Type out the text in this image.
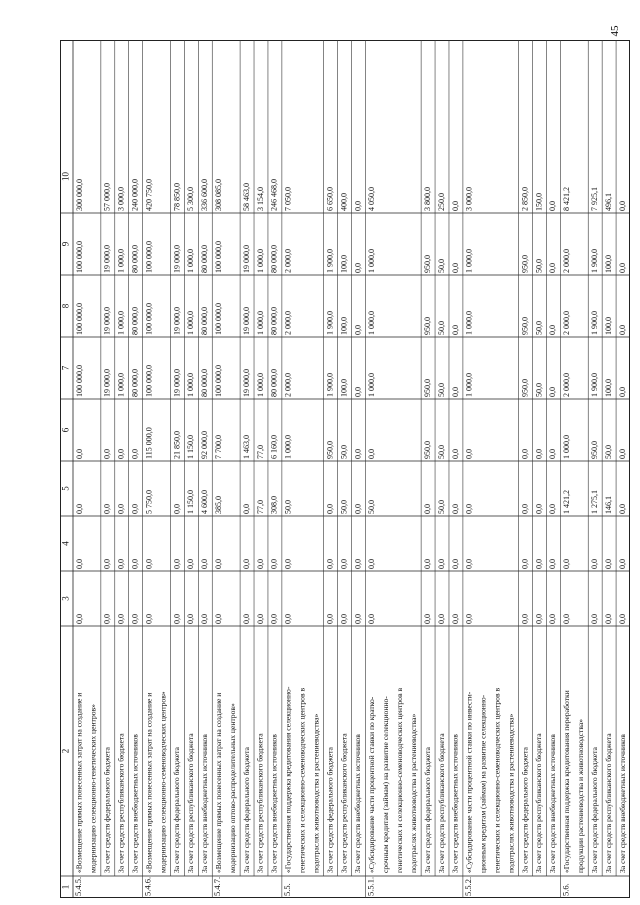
45
1
2
3
4
5
6
7
8
9
10
5.4.5.
«Возмещение прямых понесенных затрат на создание и модернизацию селекционно-генетических центров»
0,0
0,0
0,0
0,0
100 000,0
100 000,0
100 000,0
300 000,0
За счет средств федерального бюджета
0,0
0,0
0,0
0,0
19 000,0
19 000,0
19 000,0
57 000,0
За счет средств республиканского бюджета
0,0
0,0
0,0
0,0
1 000,0
1 000,0
1 000,0
3 000,0
За счет средств внебюджетных источников
0,0
0,0
0,0
0,0
80 000,0
80 000,0
80 000,0
240 000,0
5.4.6.
«Возмещение прямых понесенных затрат на создание и модернизацию селекционно-семеноводческих центров»
0,0
0,0
5 750,0
115 000,0
100 000,0
100 000,0
100 000,0
420 750,0
За счет средств федерального бюджета
0,0
0,0
0,0
21 850,0
19 000,0
19 000,0
19 000,0
78 850,0
За счет средств республиканского бюджета
0,0
0,0
1 150,0
1 150,0
1 000,0
1 000,0
1 000,0
5 300,0
За счет средств внебюджетных источников
0,0
0,0
4 600,0
92 000,0
80 000,0
80 000,0
80 000,0
336 600,0
5.4.7.
«Возмещение прямых понесенных затрат на создание и модернизацию оптово-распределительных центров»
0,0
0,0
385,0
7 700,0
100 000,0
100 000,0
100 000,0
308 085,0
За счет средств федерального бюджета
0,0
0,0
0,0
1 463,0
19 000,0
19 000,0
19 000,0
58 463,0
За счет средств республиканского бюджета
0,0
0,0
77,0
77,0
1 000,0
1 000,0
1 000,0
3 154,0
За счет средств внебюджетных источников
0,0
0,0
308,0
6 160,0
80 000,0
80 000,0
80 000,0
246 468,0
5.5.
«Государственная поддержка кредитования селекционно- генетических и селекционно-семеноводческих центров в подотраслях животноводства и растениеводства»
0,0
0,0
50,0
1 000,0
2 000,0
2 000,0
2 000,0
7 050,0
За счет средств федерального бюджета
0,0
0,0
0,0
950,0
1 900,0
1 900,0
1 900,0
6 650,0
За счет средств республиканского бюджета
0,0
0,0
50,0
50,0
100,0
100,0
100,0
400,0
За счет средств внебюджетных источников
0,0
0,0
0,0
0,0
0,0
0,0
0,0
0,0
5.5.1.
«Субсидирование части процентной ставки по кратко- срочным кредитам (займам) на развитие селекционно- генетических и селекционно-семеноводческих центров в подотраслях животноводства и растениеводства»
0,0
0,0
50,0
0,0
1 000,0
1 000,0
1 000,0
4 050,0
За счет средств федерального бюджета
0,0
0,0
0,0
950,0
950,0
950,0
950,0
3 800,0
За счет средств республиканского бюджета
0,0
0,0
50,0
50,0
50,0
50,0
50,0
250,0
За счет средств внебюджетных источников
0,0
0,0
0,0
0,0
0,0
0,0
0,0
0,0
5.5.2.
«Субсидирование части процентной ставки по инвести- ционным кредитам (займам) на развитие селекционно- генетических и селекционно-семеноводческих центров в подотраслях животноводства и растениеводства»
0,0
0,0
0,0
0,0
1 000,0
1 000,0
1 000,0
3 000,0
За счет средств федерального бюджета
0,0
0,0
0,0
0,0
950,0
950,0
950,0
2 850,0
За счет средств республиканского бюджета
0,0
0,0
0,0
0,0
50,0
50,0
50,0
150,0
За счет средств внебюджетных источников
0,0
0,0
0,0
0,0
0,0
0,0
0,0
0,0
5.6.
«Государственная поддержка кредитования переработки продукции растениеводства и животноводства»
0,0
0,0
1 421,2
1 000,0
2 000,0
2 000,0
2 000,0
8 421,2
За счет средств федерального бюджета
0,0
0,0
1 275,1
950,0
1 900,0
1 900,0
1 900,0
7 925,1
За счет средств республиканского бюджета
0,0
0,0
146,1
50,0
100,0
100,0
100,0
496,1
За счет средств внебюджетных источников
0,0
0,0
0,0
0,0
0,0
0,0
0,0
0,0
